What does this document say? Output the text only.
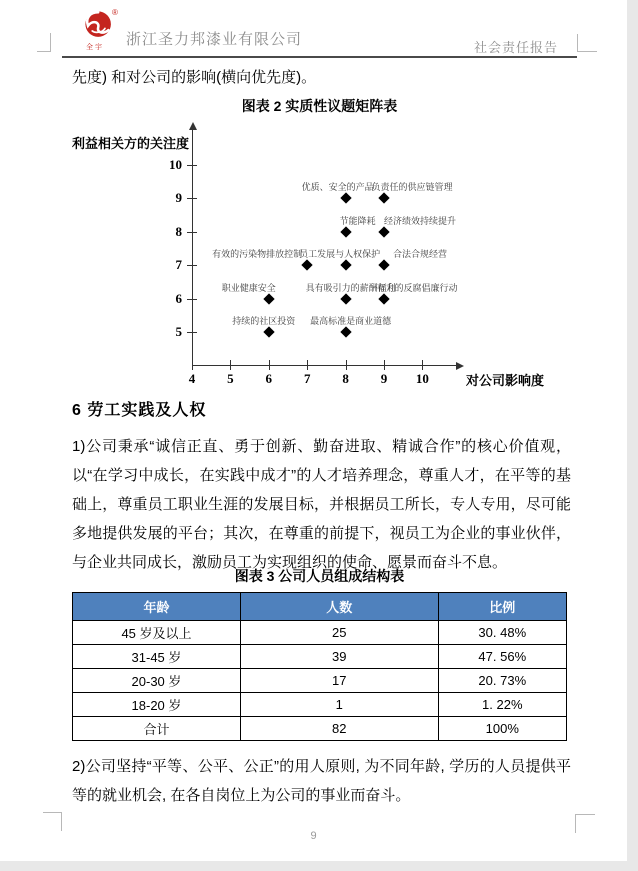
®
全宇 浙江圣力邦漆业有限公司	社会责任报告
先度) 和对公司的影响(横向优先度)。
图表 2 实质性议题矩阵表
利益相关方的关注度
对公司影响度
10
9
8
7
6
5
4	5	6	7	8	9	10
优质、安全的产品
负责任的供应链管理
节能降耗 经济绩效持续提升
有效的污染物排放控制
员工发展与人权保护 合法合规经营
职业健康安全	具有吸引力的薪酬福利
有力的反腐倡廉行动
持续的社区投资 最高标准是商业道德
6 劳工实践及人权
1)公司秉承“诚信正直、勇于创新、勤奋进取、精诚合作”的核心价值观，以“在学习中成长，在实践中成才”的人才培养理念，尊重人才，在平等的基础上，尊重员工职业生涯的发展目标，并根据员工所长，专人专用，尽可能多地提供发展的平台；其次，在尊重的前提下，视员工为企业的事业伙伴，与企业共同成长，激励员工为实现组织的使命、愿景而奋斗不息。
图表 3 公司人员组成结构表
年龄	人数	比例
45 岁及以上	25	30. 48%
31-45 岁	39	47. 56%
20-30 岁	17	20. 73%
18-20 岁	1	1. 22%
合计	82	100%
2)公司坚持“平等、公平、公正”的用人原则, 为不同年龄, 学历的人员提供平等的就业机会, 在各自岗位上为公司的事业而奋斗。
9
